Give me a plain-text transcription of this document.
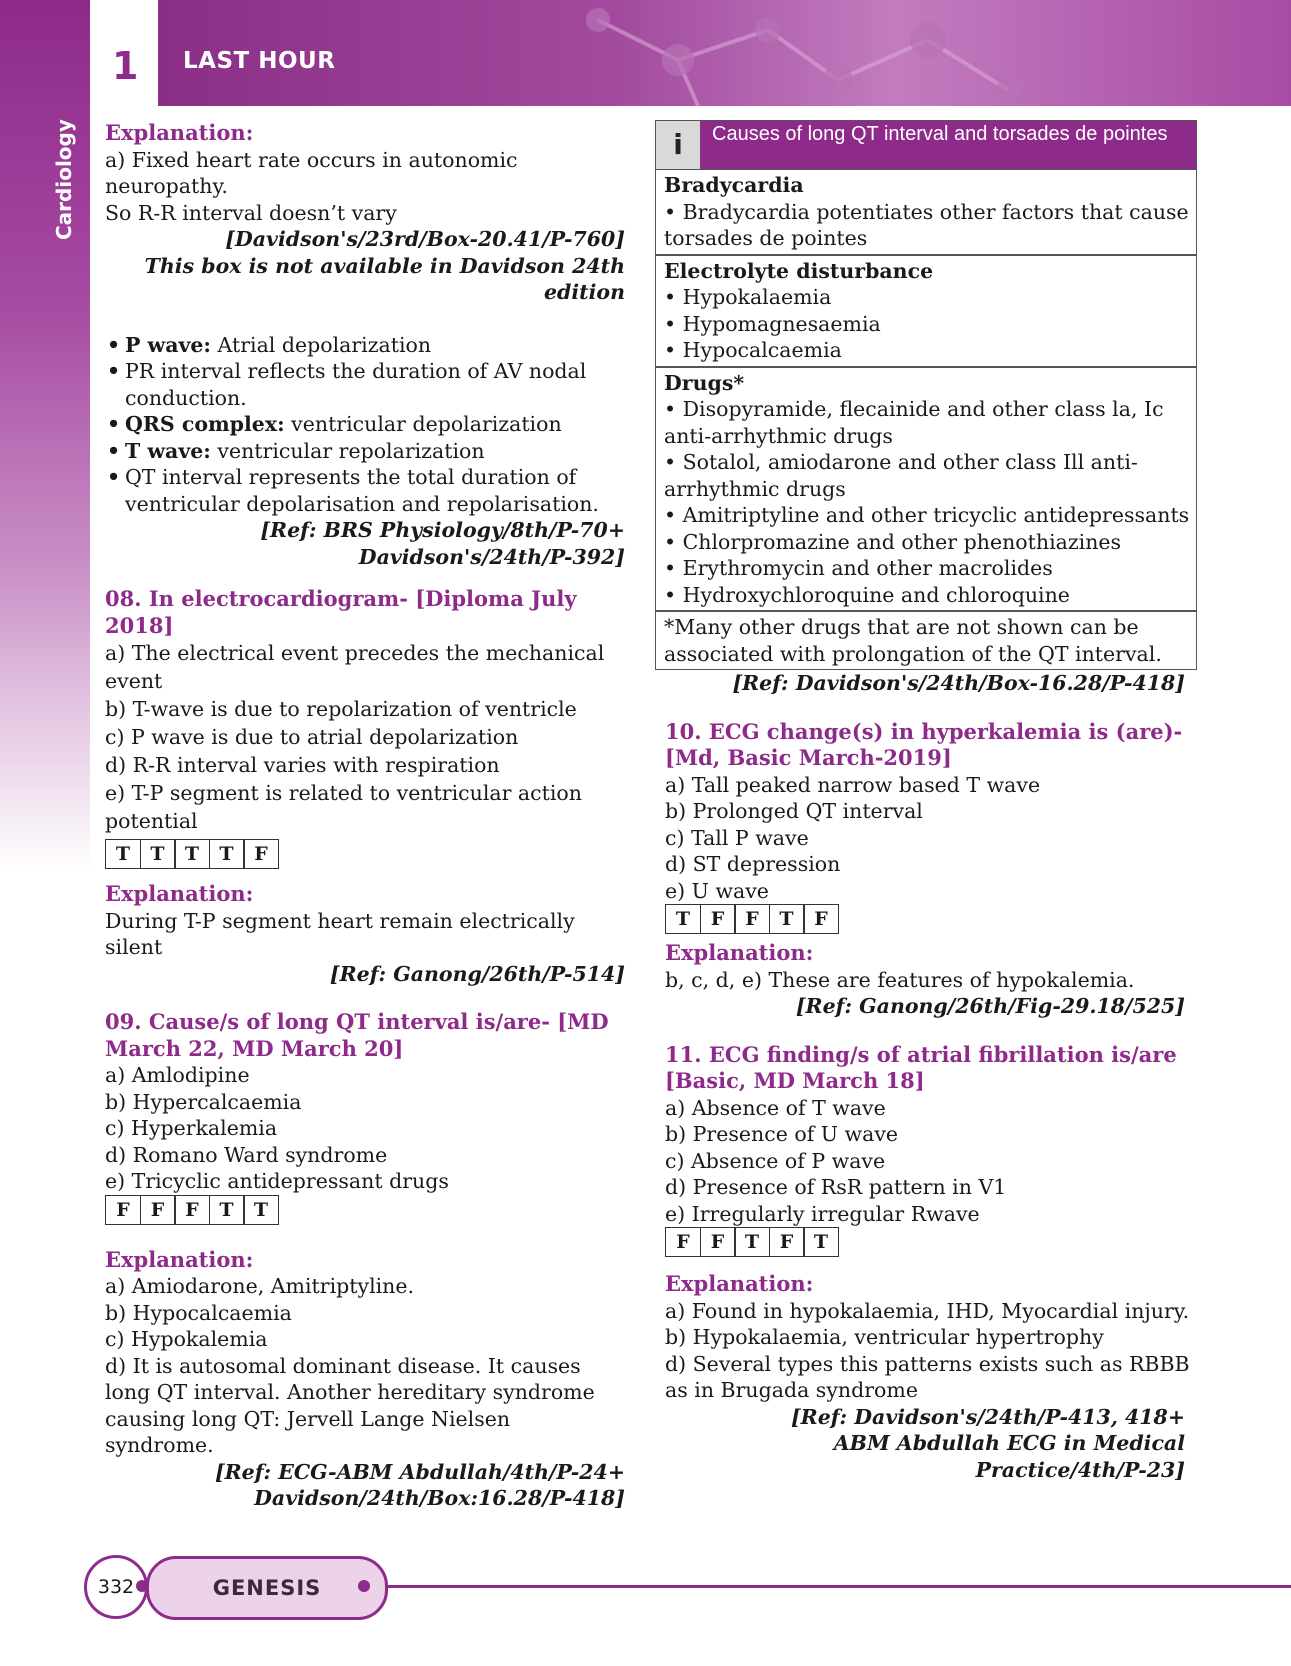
1 LAST HOUR
Cardiology Explanation:
a) Fixed heart rate occurs in autonomic neuropathy.
So R-R interval doesn’t vary
[Davidson's/23rd/Box-20.41/P-760]
This box is not available in Davidson 24th edition
• P wave: Atrial depolarization
• PR interval reflects the duration of AV nodal conduction.
• QRS complex: ventricular depolarization
• T wave: ventricular repolarization
• QT interval represents the total duration of ventricular depolarisation and repolarisation.
[Ref: BRS Physiology/8th/P-70+
Davidson's/24th/P-392]
08. In electrocardiogram- [Diploma July 2018]
a) The electrical event precedes the mechanical event
b) T-wave is due to repolarization of ventricle
c) P wave is due to atrial depolarization
d) R-R interval varies with respiration
e) T-P segment is related to ventricular action potential
T	T	T	T	F
Explanation:
During T-P segment heart remain electrically silent
[Ref: Ganong/26th/P-514]
09. Cause/s of long QT interval is/are- [MD March 22, MD March 20]
a) Amlodipine
b) Hypercalcaemia
c) Hyperkalemia
d) Romano Ward syndrome
e) Tricyclic antidepressant drugs
F	F	F	T	T
Explanation:
a) Amiodarone, Amitriptyline.
b) Hypocalcaemia
c) Hypokalemia
d) It is autosomal dominant disease. It causes long QT interval. Another hereditary syndrome causing long QT: Jervell Lange Nielsen syndrome.
[Ref: ECG-ABM Abdullah/4th/P-24+
Davidson/24th/Box:16.28/P-418]
i	Causes of long QT interval and torsades de pointes
Bradycardia
• Bradycardia potentiates other factors that cause torsades de pointes
Electrolyte disturbance
• Hypokalaemia
• Hypomagnesaemia
• Hypocalcaemia
Drugs*
• Disopyramide, flecainide and other class la, Ic anti-arrhythmic drugs
• Sotalol, amiodarone and other class Ill anti-arrhythmic drugs
• Amitriptyline and other tricyclic antidepressants
• Chlorpromazine and other phenothiazines
• Erythromycin and other macrolides
• Hydroxychloroquine and chloroquine
*Many other drugs that are not shown can be associated with prolongation of the QT interval.
[Ref: Davidson's/24th/Box-16.28/P-418]
10. ECG change(s) in hyperkalemia is (are)- [Md, Basic March-2019]
a) Tall peaked narrow based T wave
b) Prolonged QT interval
c) Tall P wave
d) ST depression
e) U wave
T	F	F	T	F
Explanation:
b, c, d, e) These are features of hypokalemia.
[Ref: Ganong/26th/Fig-29.18/525]
11. ECG finding/s of atrial fibrillation is/are [Basic, MD March 18]
a) Absence of T wave
b) Presence of U wave
c) Absence of P wave
d) Presence of RsR pattern in V1
e) Irregularly irregular Rwave
F	F	T	F	T
Explanation:
a) Found in hypokalaemia, IHD, Myocardial injury.
b) Hypokalaemia, ventricular hypertrophy
d) Several types this patterns exists such as RBBB as in Brugada syndrome
[Ref: Davidson's/24th/P-413, 418+
ABM Abdullah ECG in Medical Practice/4th/P-23]
332	GENESIS
